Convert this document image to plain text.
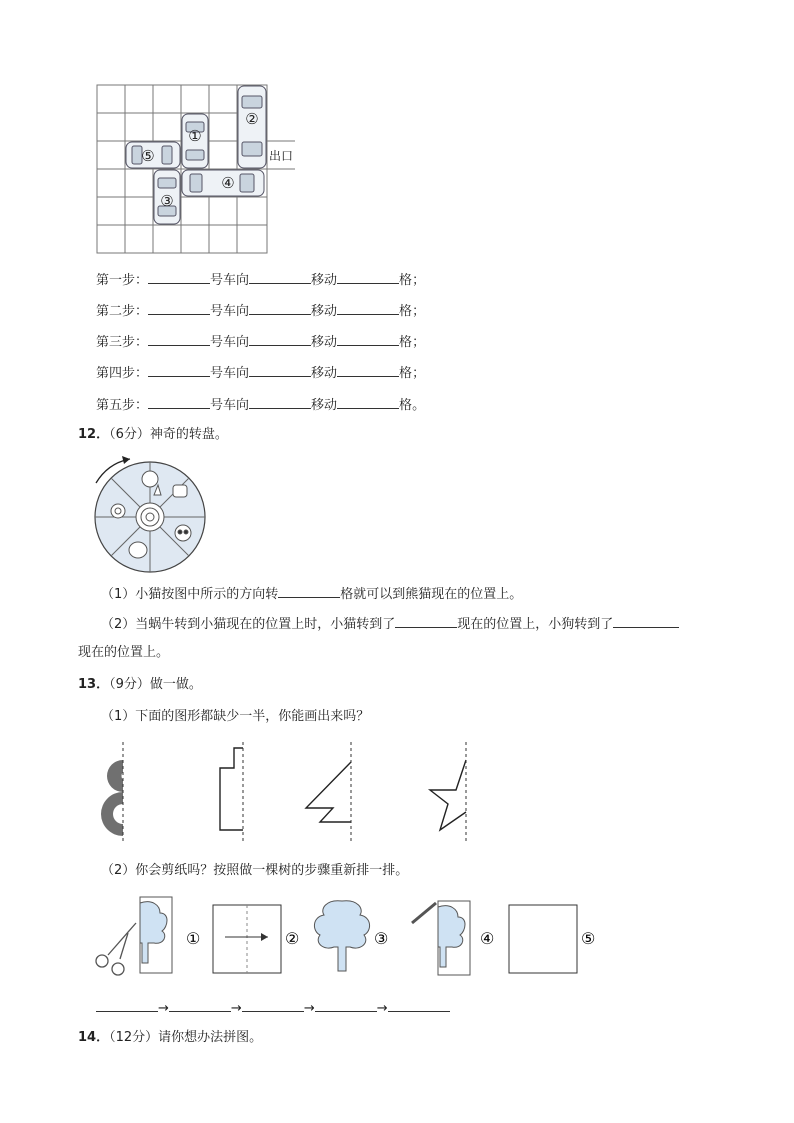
①
②
③
④
⑤	出口
第一步：	号车向	移动	格；
第二步：	号车向	移动	格；
第三步：	号车向	移动	格；
第四步：	号车向	移动	格；
第五步：	号车向	移动	格。
12．（6分）神奇的转盘。
（1）小猫按图中所示的方向转	格就可以到熊猫现在的位置上。
（2）当蜗牛转到小猫现在的位置上时，小猫转到了	现在的位置上，小狗转到了
现在的位置上。
13．（9分）做一做。
（1）下面的图形都缺少一半，你能画出来吗？
（2）你会剪纸吗？按照做一棵树的步骤重新排一排。
①	②	③	④	⑤
→	→	→	→
14．（12分）请你想办法拼图。
